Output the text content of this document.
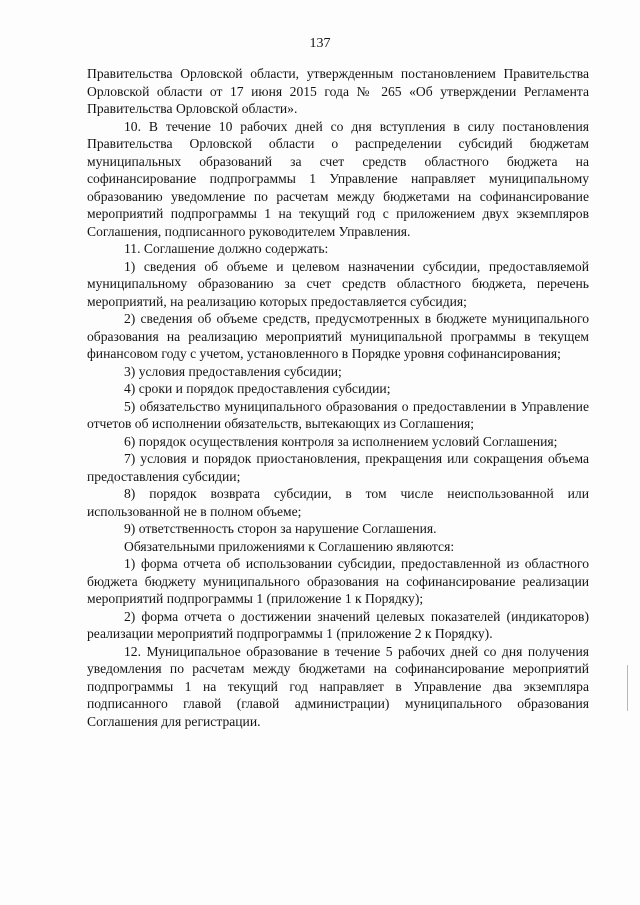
137

Правительства Орловской области, утвержденным постановлением Правительства Орловской области от 17 июня 2015 года № 265 «Об утверждении Регламента Правительства Орловской области».

10. В течение 10 рабочих дней со дня вступления в силу постановления Правительства Орловской области о распределении субсидий бюджетам муниципальных образований за счет средств областного бюджета на софинансирование подпрограммы 1 Управление направляет муниципальному образованию уведомление по расчетам между бюджетами на софинансирование мероприятий подпрограммы 1 на текущий год с приложением двух экземпляров Соглашения, подписанного руководителем Управления.

11. Соглашение должно содержать:

1) сведения об объеме и целевом назначении субсидии, предоставляемой муниципальному образованию за счет средств областного бюджета, перечень мероприятий, на реализацию которых предоставляется субсидия;

2) сведения об объеме средств, предусмотренных в бюджете муниципального образования на реализацию мероприятий муниципальной программы в текущем финансовом году с учетом, установленного в Порядке уровня софинансирования;

3) условия предоставления субсидии;

4) сроки и порядок предоставления субсидии;

5) обязательство муниципального образования о предоставлении в Управление отчетов об исполнении обязательств, вытекающих из Соглашения;

6) порядок осуществления контроля за исполнением условий Соглашения;

7) условия и порядок приостановления, прекращения или сокращения объема предоставления субсидии;

8) порядок возврата субсидии, в том числе неиспользованной или использованной не в полном объеме;

9) ответственность сторон за нарушение Соглашения.

Обязательными приложениями к Соглашению являются:

1) форма отчета об использовании субсидии, предоставленной из областного бюджета бюджету муниципального образования на софинансирование реализации мероприятий подпрограммы 1 (приложение 1 к Порядку);

2) форма отчета о достижении значений целевых показателей (индикаторов) реализации мероприятий подпрограммы 1 (приложение 2 к Порядку).

12. Муниципальное образование в течение 5 рабочих дней со дня получения уведомления по расчетам между бюджетами на софинансирование мероприятий подпрограммы 1 на текущий год направляет в Управление два экземпляра подписанного главой (главой администрации) муниципального образования Соглашения для регистрации.
